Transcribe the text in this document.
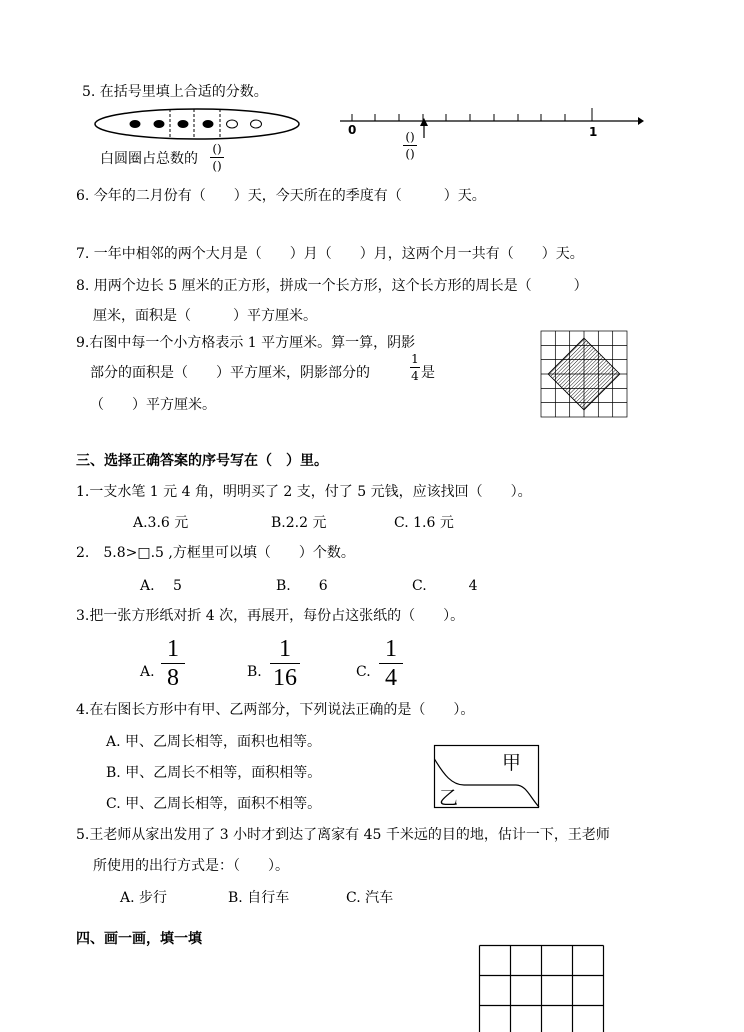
5. 在括号里填上合适的分数。
白圆圈占总数的
()
()
0	1
()
()
6. 今年的二月份有（　　）天，今天所在的季度有（　　　）天。
7. 一年中相邻的两个大月是（　　）月（　　）月，这两个月一共有（　　）天。
8. 用两个边长 5 厘米的正方形，拼成一个长方形，这个长方形的周长是（　　　）
厘米，面积是（　　　）平方厘米。
9.右图中每一个小方格表示 1 平方厘米。算一算，阴影
部分的面积是（　　）平方厘米，阴影部分的
1
4 是
（　　）平方厘米。
三、选择正确答案的序号写在（　）里。
1.一支水笔 1 元 4 角，明明买了 2 支，付了 5 元钱，应该找回（　　）。
A.3.6 元	B.2.2 元	C. 1.6 元
2.　5.8>□.5 ,方框里可以填（　　）个数。
A.　 5	B.　　6	C.　　　4
3.把一张方形纸对折 4 次，再展开，每份占这张纸的（　　）。
A.
1
8	B.
1
16	C.
1
4
4.在右图长方形中有甲、乙两部分，下列说法正确的是（　　）。
A. 甲、乙周长相等，面积也相等。
B. 甲、乙周长不相等，面积相等。
C. 甲、乙周长相等，面积不相等。
甲
乙
5.王老师从家出发用了 3 小时才到达了离家有 45 千米远的目的地，估计一下，王老师
所使用的出行方式是：（　　）。
A. 步行	B. 自行车	C. 汽车
四、画一画，填一填
